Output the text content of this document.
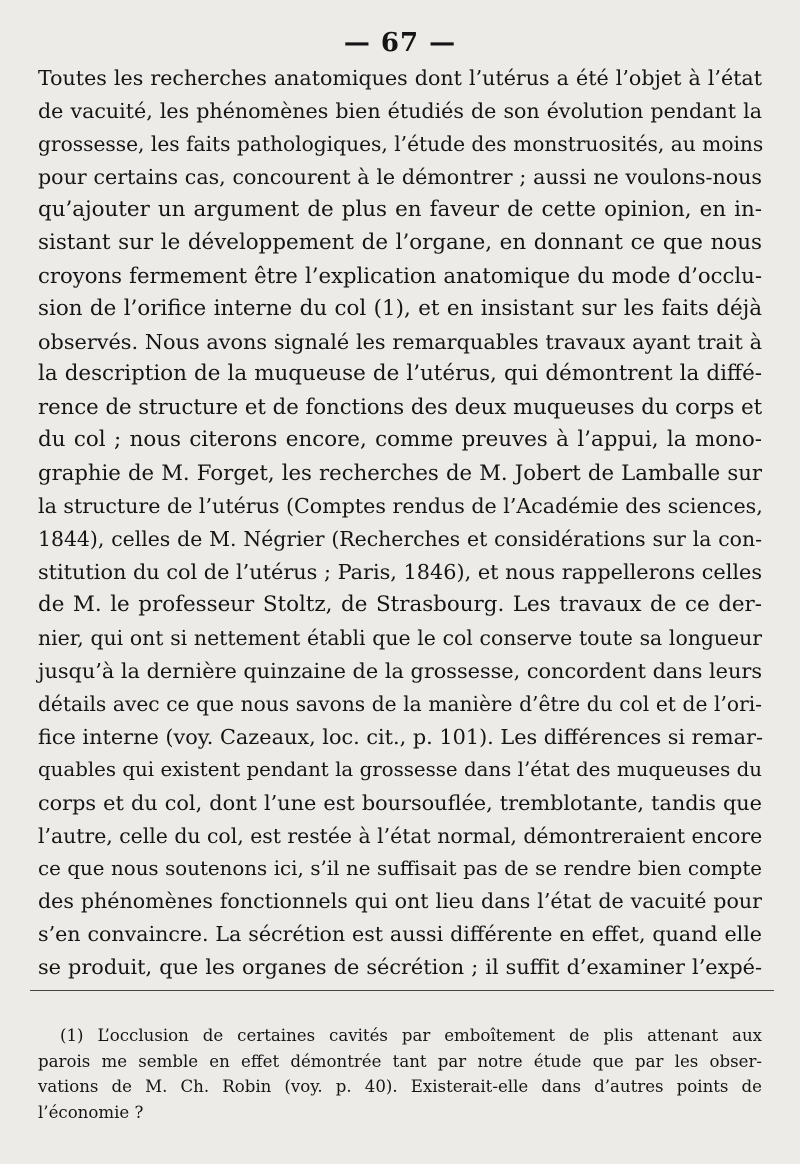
— 67 —
Toutes les recherches anatomiques dont l’utérus a été l’objet à l’état
de vacuité, les phénomènes bien étudiés de son évolution pendant la
grossesse, les faits pathologiques, l’étude des monstruosités, au moins
pour certains cas, concourent à le démontrer ; aussi ne voulons-nous
qu’ajouter un argument de plus en faveur de cette opinion, en in-
sistant sur le développement de l’organe, en donnant ce que nous
croyons fermement être l’explication anatomique du mode d’occlu-
sion de l’orifice interne du col (1), et en insistant sur les faits déjà
observés. Nous avons signalé les remarquables travaux ayant trait à
la description de la muqueuse de l’utérus, qui démontrent la diffé-
rence de structure et de fonctions des deux muqueuses du corps et
du col ; nous citerons encore, comme preuves à l’appui, la mono-
graphie de M. Forget, les recherches de M. Jobert de Lamballe sur
la structure de l’utérus (Comptes rendus de l’Académie des sciences,
1844), celles de M. Négrier (Recherches et considérations sur la con-
stitution du col de l’utérus ; Paris, 1846), et nous rappellerons celles
de M. le professeur Stoltz, de Strasbourg. Les travaux de ce der-
nier, qui ont si nettement établi que le col conserve toute sa longueur
jusqu’à la dernière quinzaine de la grossesse, concordent dans leurs
détails avec ce que nous savons de la manière d’être du col et de l’ori-
fice interne (voy. Cazeaux, loc. cit., p. 101). Les différences si remar-
quables qui existent pendant la grossesse dans l’état des muqueuses du
corps et du col, dont l’une est boursouflée, tremblotante, tandis que
l’autre, celle du col, est restée à l’état normal, démontreraient encore
ce que nous soutenons ici, s’il ne suffisait pas de se rendre bien compte
des phénomènes fonctionnels qui ont lieu dans l’état de vacuité pour
s’en convaincre. La sécrétion est aussi différente en effet, quand elle
se produit, que les organes de sécrétion ; il suffit d’examiner l’expé-
(1) L’occlusion de certaines cavités par emboîtement de plis attenant aux
parois me semble en effet démontrée tant par notre étude que par les obser-
vations de M. Ch. Robin (voy. p. 40). Existerait-elle dans d’autres points de
l’économie ?
